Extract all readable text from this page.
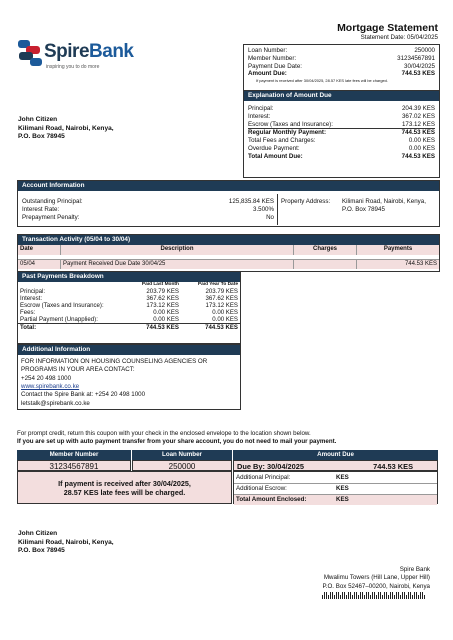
Mortgage Statement
Statement Date: 05/04/2025
SpireBank
inspiring you to do more
Loan Number:	250000
Member Number:	31234567891
Payment Due Date:	30/04/2025
Amount Due:	744.53 KES
If payment is received after 30/04/2025, 28.57 KES late fees will be charged.
Explanation of Amount Due
Principal:	204.39 KES
Interest:	367.02 KES
Escrow (Taxes and Insurance):	173.12 KES
Regular Monthly Payment:	744.53 KES
Total Fees and Charges:	0.00 KES
Overdue Payment:	0.00 KES
Total Amount Due:	744.53 KES
John Citizen
Kilimani Road, Nairobi, Kenya,
P.O. Box 78945
Account Information
Outstanding Principal:	125,835.84 KES
Interest Rate:	3.500%
Prepayment Penalty:	No
Property Address: Kilimani Road, Nairobi, Kenya, P.O. Box 78945
Transaction Activity (05/04 to 30/04)
Date	Description	Charges	Payments

05/04	Payment Received Due Date 30/04/25		744.53 KES
Past Payments Breakdown
	Paid Last Month	Paid Year To Date
Principal:	203.79 KES	203.79 KES
Interest:	367.62 KES	367.62 KES
Escrow (Taxes and Insurance):	173.12 KES	173.12 KES
Fees:	0.00 KES	0.00 KES
Partial Payment (Unapplied):	0.00 KES	0.00 KES
Total:	744.53 KES	744.53 KES
Additional Information
FOR INFORMATION ON HOUSING COUNSELING AGENCIES OR PROGRAMS IN YOUR AREA CONTACT:
+254 20 498 1000
www.spirebank.co.ke
Contact the Spire Bank at: +254 20 498 1000
letstalk@spirebank.co.ke
For prompt credit, return this coupon with your check in the enclosed envelope to the location shown below.
If you are set up with auto payment transfer from your share account, you do not need to mail your payment.
Member Number	Loan Number	Amount Due
31234567891	250000	Due By: 30/04/2025	744.53 KES
If payment is received after 30/04/2025,
28.57 KES late fees will be charged.
Additional Principal:	KES
Additional Escrow:	KES
Total Amount Enclosed:	KES
John Citizen
Kilimani Road, Nairobi, Kenya,
P.O. Box 78945
Spire Bank
Mwalimu Towers (Hill Lane, Upper Hill)
P.O. Box 52467–00200, Nairobi, Kenya
